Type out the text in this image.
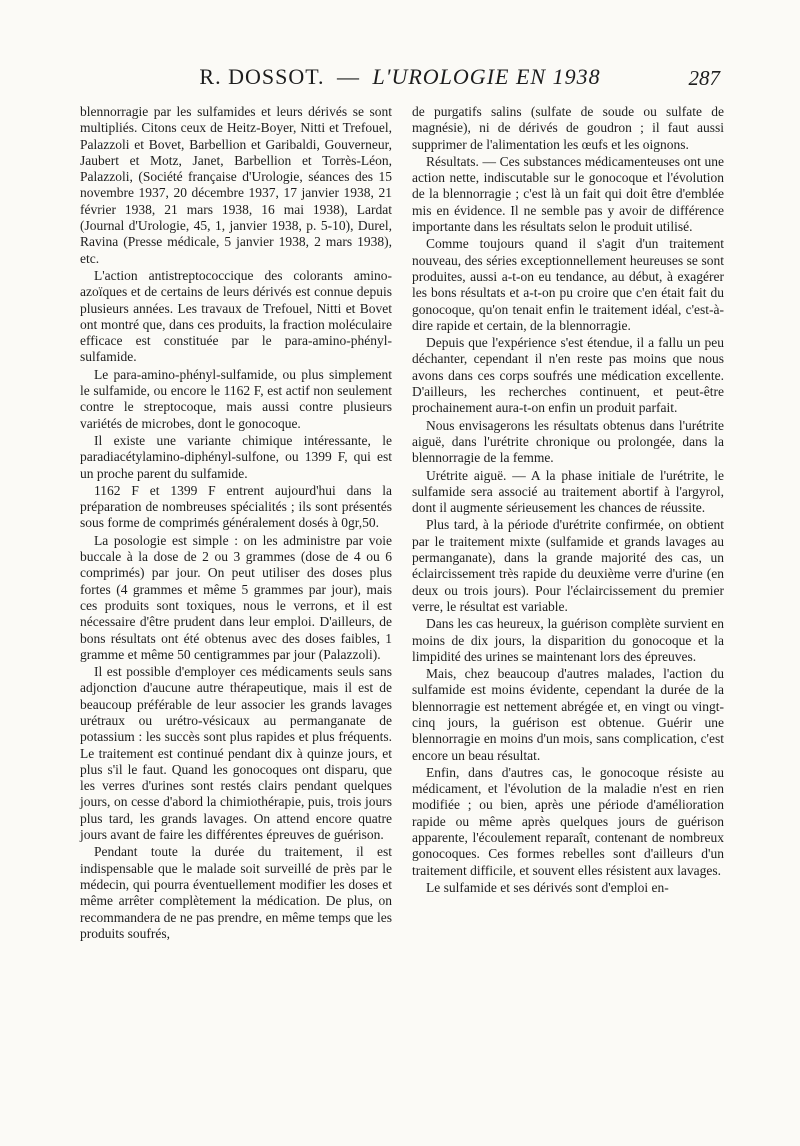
R. DOSSOT. — L'UROLOGIE EN 1938	287

blennorragie par les sulfamides et leurs dérivés se sont multipliés. Citons ceux de Heitz-Boyer, Nitti et Trefouel, Palazzoli et Bovet, Barbellion et Garibaldi, Gouverneur, Jaubert et Motz, Janet, Barbellion et Torrès-Léon, Palazzoli, (Société française d'Urologie, séances des 15 novembre 1937, 20 décembre 1937, 17 janvier 1938, 21 février 1938, 21 mars 1938, 16 mai 1938), Lardat (Journal d'Urologie, 45, 1, janvier 1938, p. 5-10), Durel, Ravina (Presse médicale, 5 janvier 1938, 2 mars 1938), etc.

L'action antistreptococcique des colorants amino-azoïques et de certains de leurs dérivés est connue depuis plusieurs années. Les travaux de Trefouel, Nitti et Bovet ont montré que, dans ces produits, la fraction moléculaire efficace est constituée par le para-amino-phényl-sulfamide.

Le para-amino-phényl-sulfamide, ou plus simplement le sulfamide, ou encore le 1162 F, est actif non seulement contre le streptocoque, mais aussi contre plusieurs variétés de microbes, dont le gonocoque.

Il existe une variante chimique intéressante, le paradiacétylamino-diphényl-sulfone, ou 1399 F, qui est un proche parent du sulfamide.

1162 F et 1399 F entrent aujourd'hui dans la préparation de nombreuses spécialités ; ils sont présentés sous forme de comprimés généralement dosés à 0gr,50.

La posologie est simple : on les administre par voie buccale à la dose de 2 ou 3 grammes (dose de 4 ou 6 comprimés) par jour. On peut utiliser des doses plus fortes (4 grammes et même 5 grammes par jour), mais ces produits sont toxiques, nous le verrons, et il est nécessaire d'être prudent dans leur emploi. D'ailleurs, de bons résultats ont été obtenus avec des doses faibles, 1 gramme et même 50 centigrammes par jour (Palazzoli).

Il est possible d'employer ces médicaments seuls sans adjonction d'aucune autre thérapeutique, mais il est de beaucoup préférable de leur associer les grands lavages urétraux ou urétro-vésicaux au permanganate de potassium : les succès sont plus rapides et plus fréquents. Le traitement est continué pendant dix à quinze jours, et plus s'il le faut. Quand les gonocoques ont disparu, que les verres d'urines sont restés clairs pendant quelques jours, on cesse d'abord la chimiothérapie, puis, trois jours plus tard, les grands lavages. On attend encore quatre jours avant de faire les différentes épreuves de guérison.

Pendant toute la durée du traitement, il est indispensable que le malade soit surveillé de près par le médecin, qui pourra éventuellement modifier les doses et même arrêter complètement la médication. De plus, on recommandera de ne pas prendre, en même temps que les produits soufrés,

de purgatifs salins (sulfate de soude ou sulfate de magnésie), ni de dérivés de goudron ; il faut aussi supprimer de l'alimentation les œufs et les oignons.

Résultats. — Ces substances médicamenteuses ont une action nette, indiscutable sur le gonocoque et l'évolution de la blennorragie ; c'est là un fait qui doit être d'emblée mis en évidence. Il ne semble pas y avoir de différence importante dans les résultats selon le produit utilisé.

Comme toujours quand il s'agit d'un traitement nouveau, des séries exceptionnellement heureuses se sont produites, aussi a-t-on eu tendance, au début, à exagérer les bons résultats et a-t-on pu croire que c'en était fait du gonocoque, qu'on tenait enfin le traitement idéal, c'est-à-dire rapide et certain, de la blennorragie.

Depuis que l'expérience s'est étendue, il a fallu un peu déchanter, cependant il n'en reste pas moins que nous avons dans ces corps soufrés une médication excellente. D'ailleurs, les recherches continuent, et peut-être prochainement aura-t-on enfin un produit parfait.

Nous envisagerons les résultats obtenus dans l'urétrite aiguë, dans l'urétrite chronique ou prolongée, dans la blennorragie de la femme.

Urétrite aiguë. — A la phase initiale de l'urétrite, le sulfamide sera associé au traitement abortif à l'argyrol, dont il augmente sérieusement les chances de réussite.

Plus tard, à la période d'urétrite confirmée, on obtient par le traitement mixte (sulfamide et grands lavages au permanganate), dans la grande majorité des cas, un éclaircissement très rapide du deuxième verre d'urine (en deux ou trois jours). Pour l'éclaircissement du premier verre, le résultat est variable.

Dans les cas heureux, la guérison complète survient en moins de dix jours, la disparition du gonocoque et la limpidité des urines se maintenant lors des épreuves.

Mais, chez beaucoup d'autres malades, l'action du sulfamide est moins évidente, cependant la durée de la blennorragie est nettement abrégée et, en vingt ou vingt-cinq jours, la guérison est obtenue. Guérir une blennorragie en moins d'un mois, sans complication, c'est encore un beau résultat.

Enfin, dans d'autres cas, le gonocoque résiste au médicament, et l'évolution de la maladie n'est en rien modifiée ; ou bien, après une période d'amélioration rapide ou même après quelques jours de guérison apparente, l'écoulement reparaît, contenant de nombreux gonocoques. Ces formes rebelles sont d'ailleurs d'un traitement difficile, et souvent elles résistent aux lavages.

Le sulfamide et ses dérivés sont d'emploi en-
